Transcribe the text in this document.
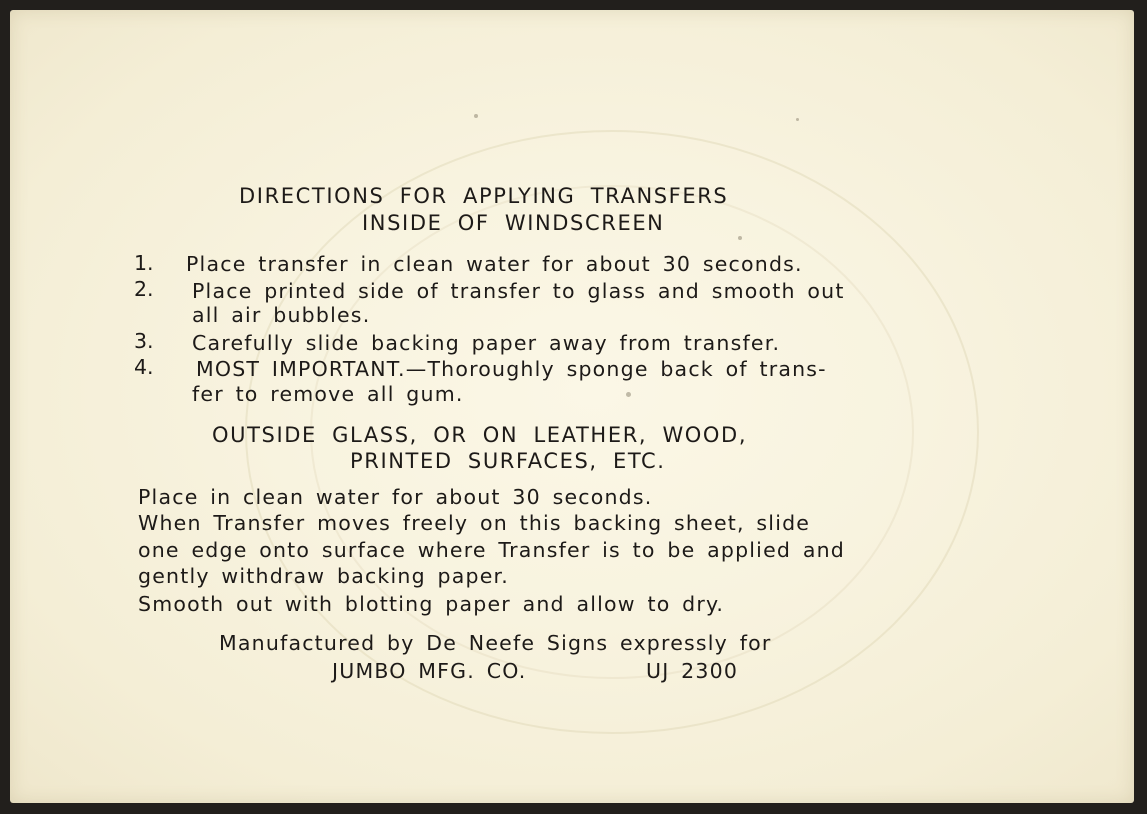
DIRECTIONS FOR APPLYING TRANSFERS
INSIDE OF WINDSCREEN
1. Place transfer in clean water for about 30 seconds.
2. Place printed side of transfer to glass and smooth out
all air bubbles.
3. Carefully slide backing paper away from transfer.
4. MOST IMPORTANT.—Thoroughly sponge back of trans-
fer to remove all gum.
OUTSIDE GLASS, OR ON LEATHER, WOOD,
PRINTED SURFACES, ETC.
Place in clean water for about 30 seconds.
When Transfer moves freely on this backing sheet, slide
one edge onto surface where Transfer is to be applied and
gently withdraw backing paper.
Smooth out with blotting paper and allow to dry.
Manufactured by De Neefe Signs expressly for
JUMBO MFG. CO.	UJ 2300
